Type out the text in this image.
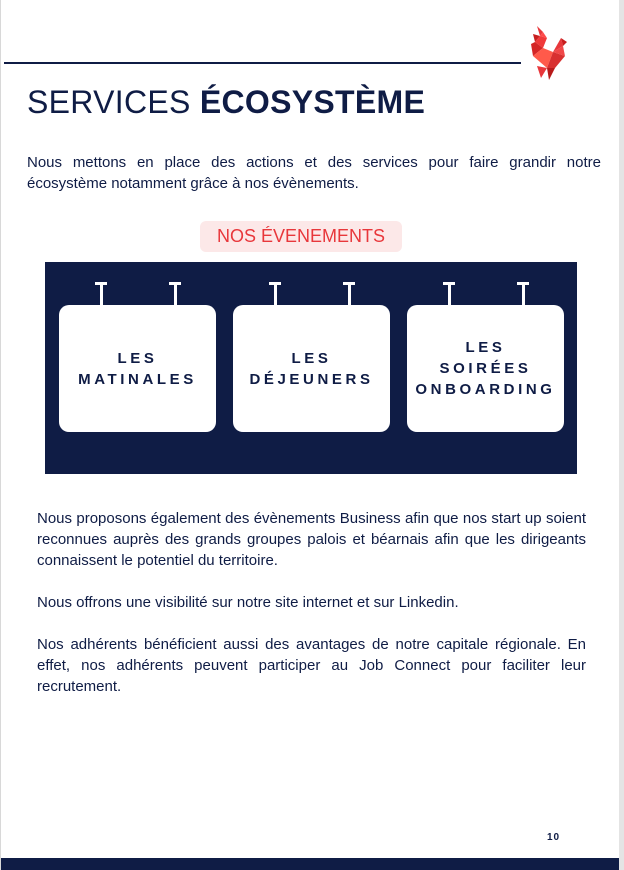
SERVICES ÉCOSYSTÈME

Nous mettons en place des actions et des services pour faire grandir notre écosystème notamment grâce à nos évènements.

NOS ÉVENEMENTS
LES
MATINALES
LES
DÉJEUNERS
LES
SOIRÉES
ONBOARDING

Nous proposons également des évènements Business afin que nos start up soient reconnues auprès des grands groupes palois et béarnais afin que les dirigeants connaissent le potentiel du territoire.

Nous offrons une visibilité sur notre site internet et sur Linkedin.

Nos adhérents bénéficient aussi des avantages de notre capitale régionale. En effet, nos adhérents peuvent participer au Job Connect pour faciliter leur recrutement.

10
